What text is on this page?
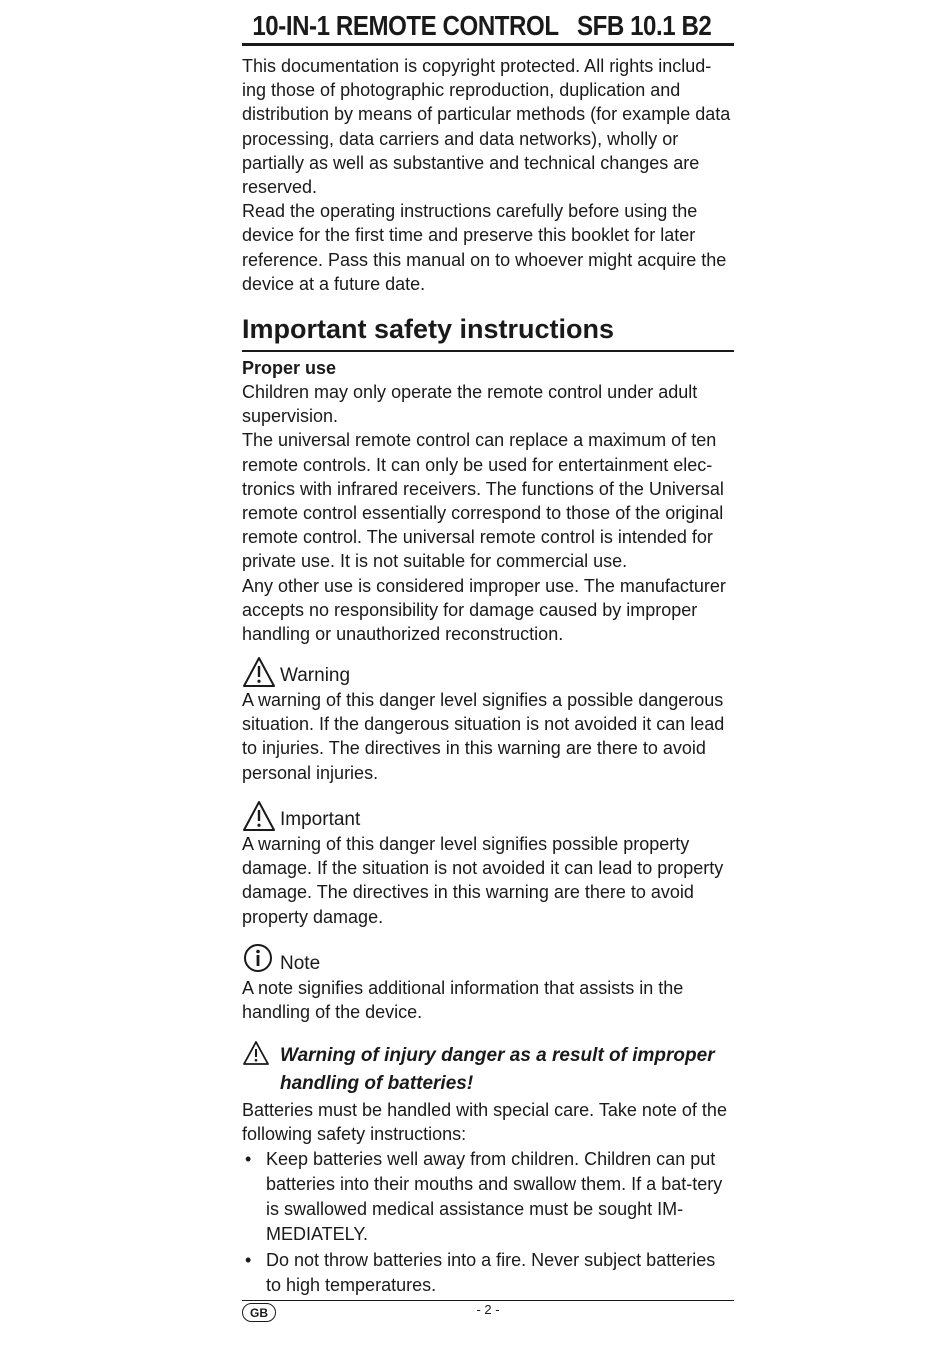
10-IN-1 REMOTE CONTROL   SFB 10.1 B2

This documentation is copyright protected. All rights includ-ing those of photographic reproduction, duplication and distribution by means of particular methods (for example data processing, data carriers and data networks), wholly or partially as well as substantive and technical changes are reserved.

Read the operating instructions carefully before using the device for the first time and preserve this booklet for later reference. Pass this manual on to whoever might acquire the device at a future date.

Important safety instructions

Proper use

Children may only operate the remote control under adult supervision.

The universal remote control can replace a maximum of ten remote controls. It can only be used for entertainment elec-tronics with infrared receivers. The functions of the Universal remote control essentially correspond to those of the original remote control. The universal remote control is intended for private use. It is not suitable for commercial use.

Any other use is considered improper use. The manufacturer accepts no responsibility for damage caused by improper handling or unauthorized reconstruction.

Warning

A warning of this danger level signifies a possible dangerous situation. If the dangerous situation is not avoided it can lead to injuries. The directives in this warning are there to avoid personal injuries.

Important

A warning of this danger level signifies possible property damage. If the situation is not avoided it can lead to property damage. The directives in this warning are there to avoid property damage.

Note

A note signifies additional information that assists in the handling of the device.

Warning of injury danger as a result of improper handling of batteries!

Batteries must be handled with special care. Take note of the following safety instructions:

• Keep batteries well away from children. Children can put batteries into their mouths and swallow them. If a bat-tery is swallowed medical assistance must be sought IM-MEDIATELY.
• Do not throw batteries into a fire. Never subject batteries to high temperatures.
GB	- 2 -
